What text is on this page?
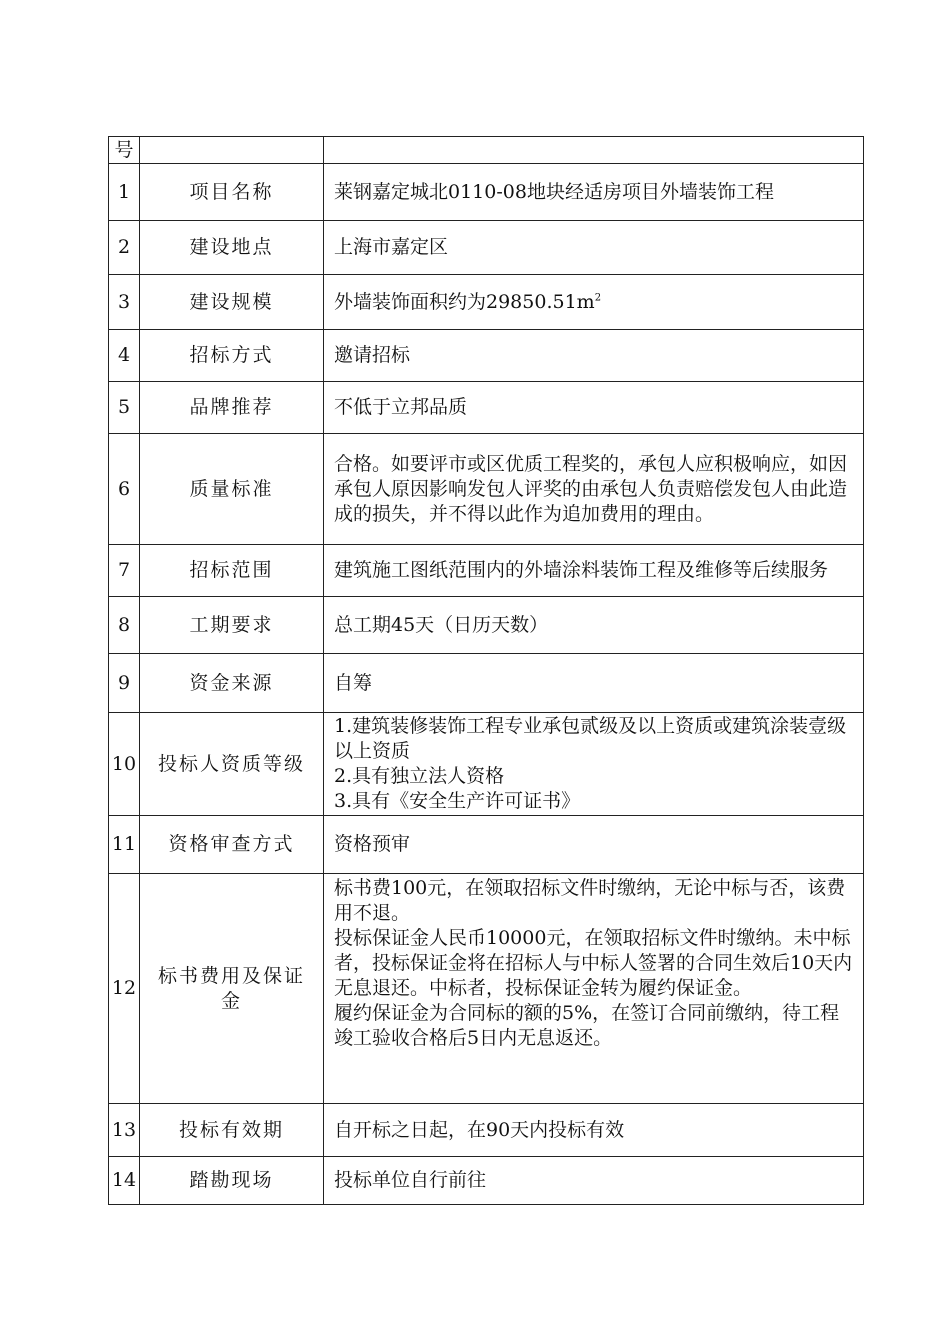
号		
1	项目名称	莱钢嘉定城北0110-08地块经适房项目外墙装饰工程

2	建设地点	上海市嘉定区

3	建设规模	外墙装饰面积约为$29850.51m^2$
4	招标方式	邀请招标

5	品牌推荐	不低于立邦品质

6	质量标准	合格。如要评市或区优质工程奖的，承包人应积极响应，如因承包人原因影响发包人评奖的由承包人负责赔偿发包人由此造成的损失，并不得以此作为追加费用的理由。

7	招标范围	建筑施工图纸范围内的外墙涂料装饰工程及维修等后续服务

8	工期要求	总工期45天（日历天数）

9	资金来源	自筹

10	投标人资质等级	1.建筑装修装饰工程专业承包贰级及以上资质或建筑涂装壹级以上资质
2.具有独立法人资格
3.具有《安全生产许可证书》

11	资格审查方式	资格预审

12	标书费用及保证金	标书费100元，在领取招标文件时缴纳，无论中标与否，该费用不退。
投标保证金人民币10000元，在领取招标文件时缴纳。未中标者，投标保证金将在招标人与中标人签署的合同生效后10天内无息退还。中标者，投标保证金转为履约保证金。
履约保证金为合同标的额的5%，在签订合同前缴纳，待工程竣工验收合格后5日内无息返还。

13	投标有效期	自开标之日起，在90天内投标有效

14	踏勘现场	投标单位自行前往
